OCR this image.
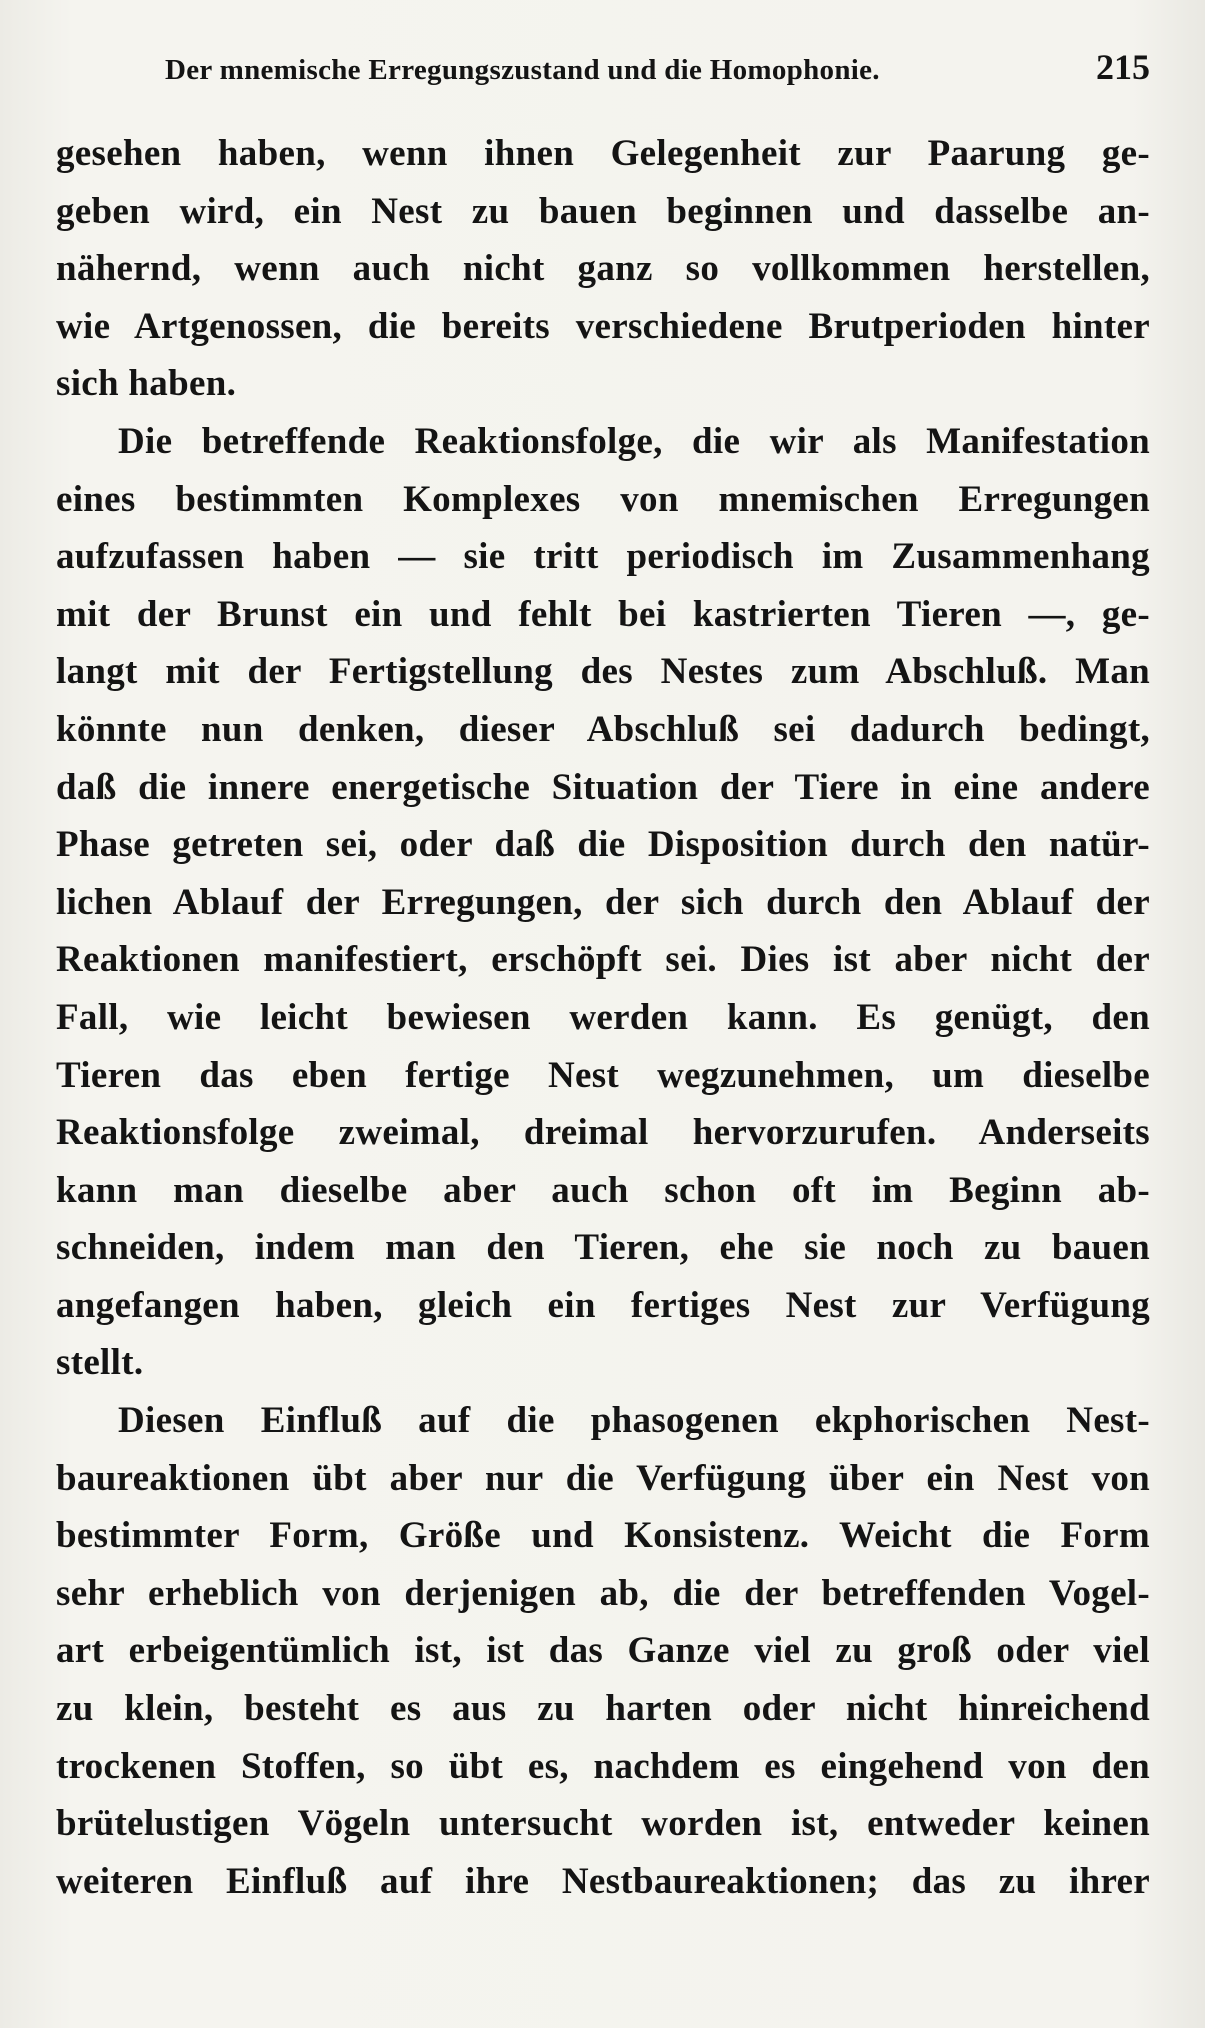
Der mnemische Erregungszustand und die Homophonie.	215
gesehen haben, wenn ihnen Gelegenheit zur Paarung ge-
geben wird, ein Nest zu bauen beginnen und dasselbe an-
nähernd, wenn auch nicht ganz so vollkommen herstellen,
wie Artgenossen, die bereits verschiedene Brutperioden hinter
sich haben.
Die betreffende Reaktionsfolge, die wir als Manifestation
eines bestimmten Komplexes von mnemischen Erregungen
aufzufassen haben — sie tritt periodisch im Zusammenhang
mit der Brunst ein und fehlt bei kastrierten Tieren —, ge-
langt mit der Fertigstellung des Nestes zum Abschluß. Man
könnte nun denken, dieser Abschluß sei dadurch bedingt,
daß die innere energetische Situation der Tiere in eine andere
Phase getreten sei, oder daß die Disposition durch den natür-
lichen Ablauf der Erregungen, der sich durch den Ablauf der
Reaktionen manifestiert, erschöpft sei. Dies ist aber nicht der
Fall, wie leicht bewiesen werden kann. Es genügt, den
Tieren das eben fertige Nest wegzunehmen, um dieselbe
Reaktionsfolge zweimal, dreimal hervorzurufen. Anderseits
kann man dieselbe aber auch schon oft im Beginn ab-
schneiden, indem man den Tieren, ehe sie noch zu bauen
angefangen haben, gleich ein fertiges Nest zur Verfügung
stellt.
Diesen Einfluß auf die phasogenen ekphorischen Nest-
baureaktionen übt aber nur die Verfügung über ein Nest von
bestimmter Form, Größe und Konsistenz. Weicht die Form
sehr erheblich von derjenigen ab, die der betreffenden Vogel-
art erbeigentümlich ist, ist das Ganze viel zu groß oder viel
zu klein, besteht es aus zu harten oder nicht hinreichend
trockenen Stoffen, so übt es, nachdem es eingehend von den
brütelustigen Vögeln untersucht worden ist, entweder keinen
weiteren Einfluß auf ihre Nestbaureaktionen; das zu ihrer
